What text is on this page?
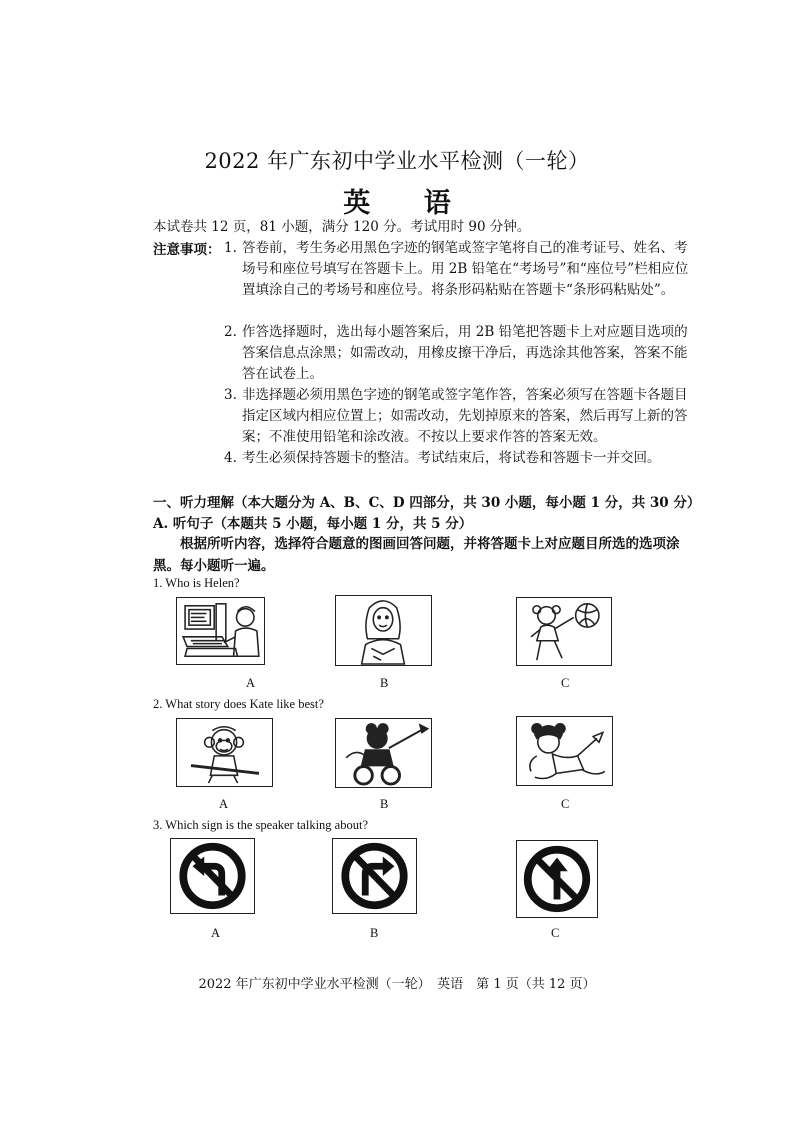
2022 年广东初中学业水平检测（一轮）
英 语
本试卷共 12 页，81 小题，满分 120 分。考试用时 90 分钟。
注意事项： 1. 答卷前，考生务必用黑色字迹的钢笔或签字笔将自己的准考证号、姓名、考场号和座位号填写在答题卡上。用 2B 铅笔在“考场号”和“座位号”栏相应位置填涂自己的考场号和座位号。将条形码粘贴在答题卡“条形码粘贴处”。
2. 作答选择题时，选出每小题答案后，用 2B 铅笔把答题卡上对应题目选项的答案信息点涂黑；如需改动，用橡皮擦干净后，再选涂其他答案，答案不能答在试卷上。
3. 非选择题必须用黑色字迹的钢笔或签字笔作答，答案必须写在答题卡各题目指定区域内相应位置上；如需改动，先划掉原来的答案，然后再写上新的答案；不准使用铅笔和涂改液。不按以上要求作答的答案无效。
4. 考生必须保持答题卡的整洁。考试结束后，将试卷和答题卡一并交回。
一、听力理解（本大题分为 A、B、C、D 四部分，共 30 小题，每小题 1 分，共 30 分）
A. 听句子（本题共 5 小题，每小题 1 分，共 5 分）
根据所听内容，选择符合题意的图画回答问题，并将答题卡上对应题目所选的选项涂黑。每小题听一遍。
1. Who is Helen?
A	B	C
2. What story does Kate like best?
A	B	C
3. Which sign is the speaker talking about?
A	B	C
2022 年广东初中学业水平检测（一轮）　英语　第 1 页（共 12 页）
